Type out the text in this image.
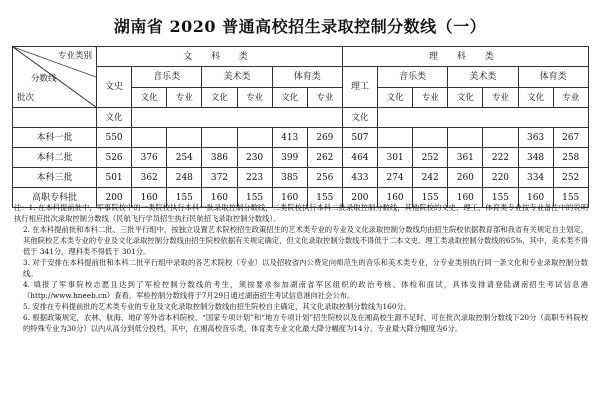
湖南省 2020 普通高校招生录取控制分数线（一）
专业类别
分数线
批次	文 科 类							理 科 类						
	文史	音乐类		美术类		体育类		理工	音乐类		美术类		体育类	
		文化	专业	文化	专业	文化	专业		文化	专业	文化	专业	文化	专业
	文化							文化						
本科一批	550					413	269	507					363	267
本科二批	526	376	254	386	230	399	262	464	301	252	361	222	348	258
本科三批	501	362	248	372	223	385	256	433	274	242	260	220	334	252
高职专科批	200	160	155	160	155	160	155	200	160	155	160	155	160	155

注：1. 在本科提前批中，军事院校中的一类院校执行本科一批录取控制分数线，二类院校执行本科二批录取控制分数线，其他院校的文史、理工、体育类专业按专业备注中的说明执行相应批次录取控制分数线（民航飞行学员招生执行民航招飞录取控制分数线）。

2. 在本科提前批和本科二批、三批平行组中，按独立设置艺术院校招生政策招生的艺术类专业的专业及文化录取控制分数线均由招生院校依据教育部和我省有关规定自主划定，其他院校艺术类专业的专业及文化录取控制分数线由招生院校依据有关规定确定，但文化录取控制分数线不得低于二本文史、理工类录取控制分数线的65%，其中，美术类不得低于 341分，理科类不得低于 301分。

3. 对于安排在本科提前批和本科二批平行组中录取的各艺术院校（专业）以及招收省内公费定向师范生的音乐和美术类专业，分专业类别执行同一条文化和专业录取控制分数线。

4. 填报了军事院校志愿且达到了军检控制分数线的考生，须按要求参加湖南省军区组织的政治考核、体检和面试，具体安排请登陆湖南招生考试信息港（http://www.hneeb.cn）查看，军检控制分数线将于7月29日通过湖南招生考试信息港向社会公布。

5. 安排在专科提前批的艺术类专业的专业及文化录取控制分数线由招生院校自主确定，其文化录取控制分数线为160分。

6. 根据政策规定，农林、航海、地矿等外省本科院校、“国家专项计划”和“地方专项计划”招生院校以及在湘高校生源不足时，可在批次录取控制分数线下20分（高职专科院校的特殊专业为30分）以内从高分到低分投档，其中，在湘高校音乐类、体育类专业文化最大降分幅度为14分、专业最大降分幅度为6分。
